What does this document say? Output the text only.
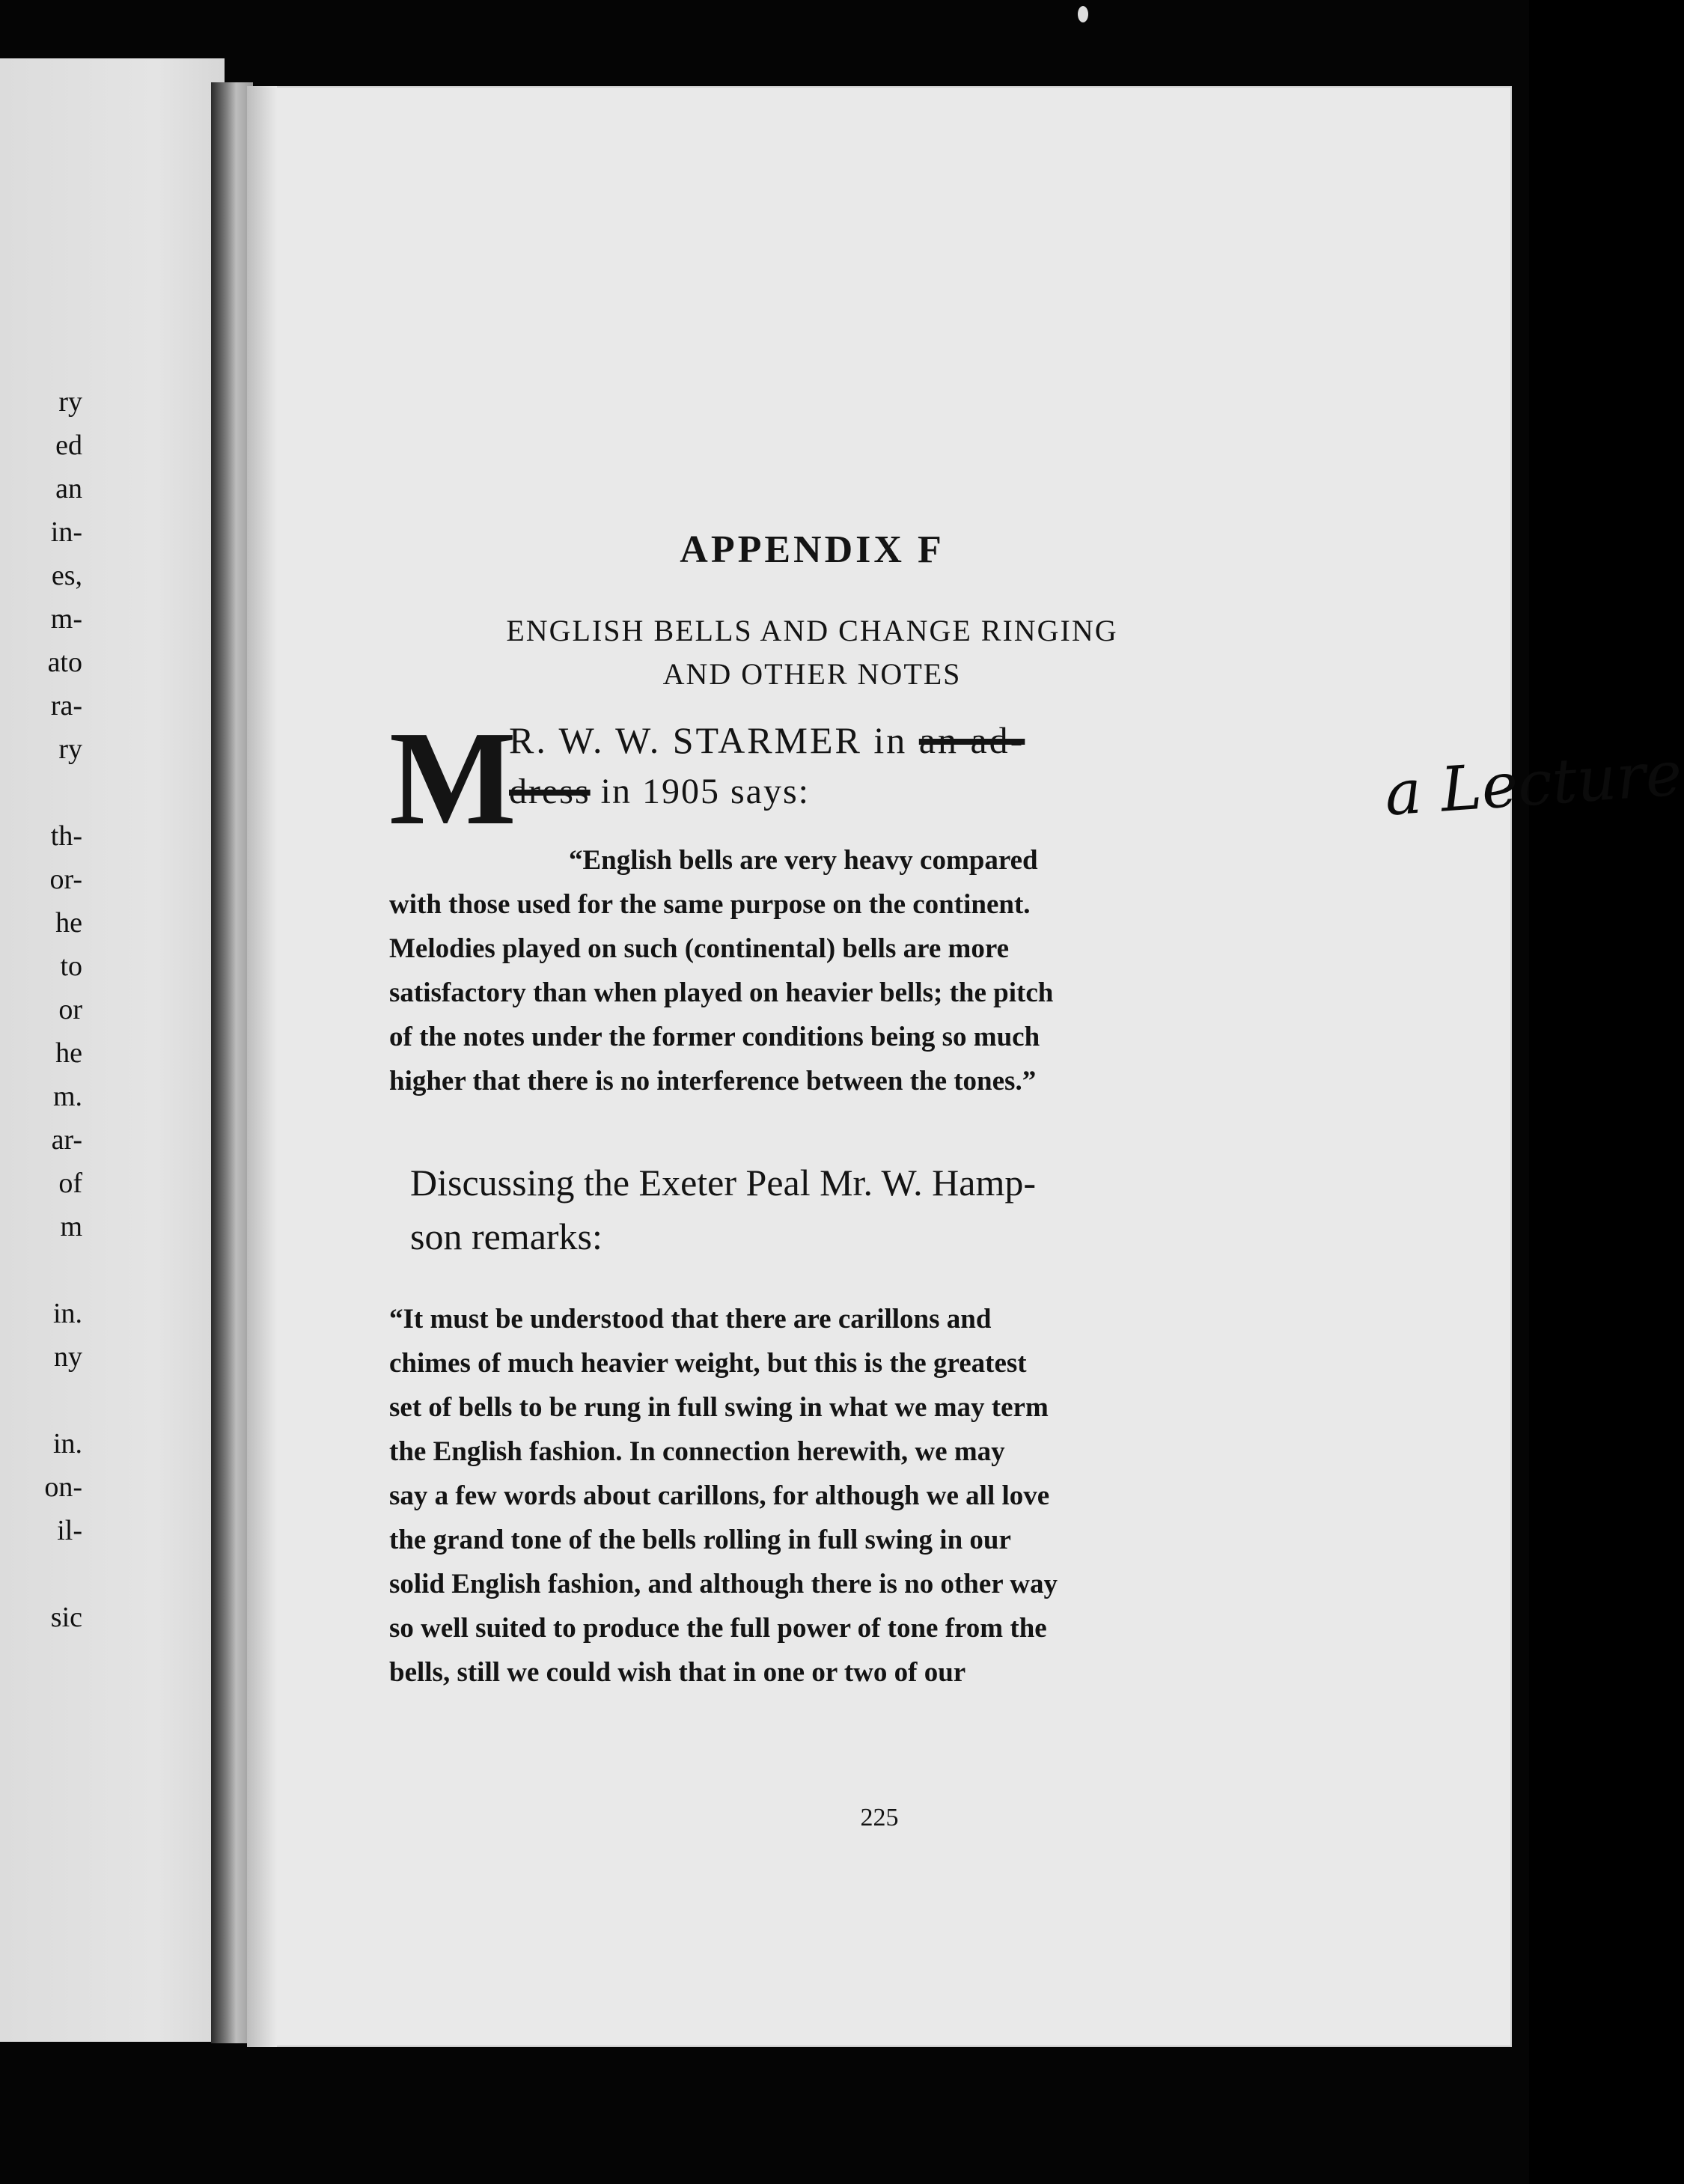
ry
ed
an
in-
es,
m-
ato
ra-
ry
th-
or-
he
to
or
he
m.
ar-
of
m
in.
ny
in.
on-
il-
sic
APPENDIX F
ENGLISH BELLS AND CHANGE RINGING
AND OTHER NOTES
M
R. W. W. STARMER in an ad-
dress in 1905 says:
“English bells are very heavy compared
with those used for the same purpose on the continent.
Melodies played on such (continental) bells are more
satisfactory than when played on heavier bells; the pitch
of the notes under the former conditions being so much
higher that there is no interference between the tones.”
Discussing the Exeter Peal Mr. W. Hamp-
son remarks:
“It must be understood that there are carillons and
chimes of much heavier weight, but this is the greatest
set of bells to be rung in full swing in what we may term
the English fashion. In connection herewith, we may
say a few words about carillons, for although we all love
the grand tone of the bells rolling in full swing in our
solid English fashion, and although there is no other way
so well suited to produce the full power of tone from the
bells, still we could wish that in one or two of our
a Lecture
225
